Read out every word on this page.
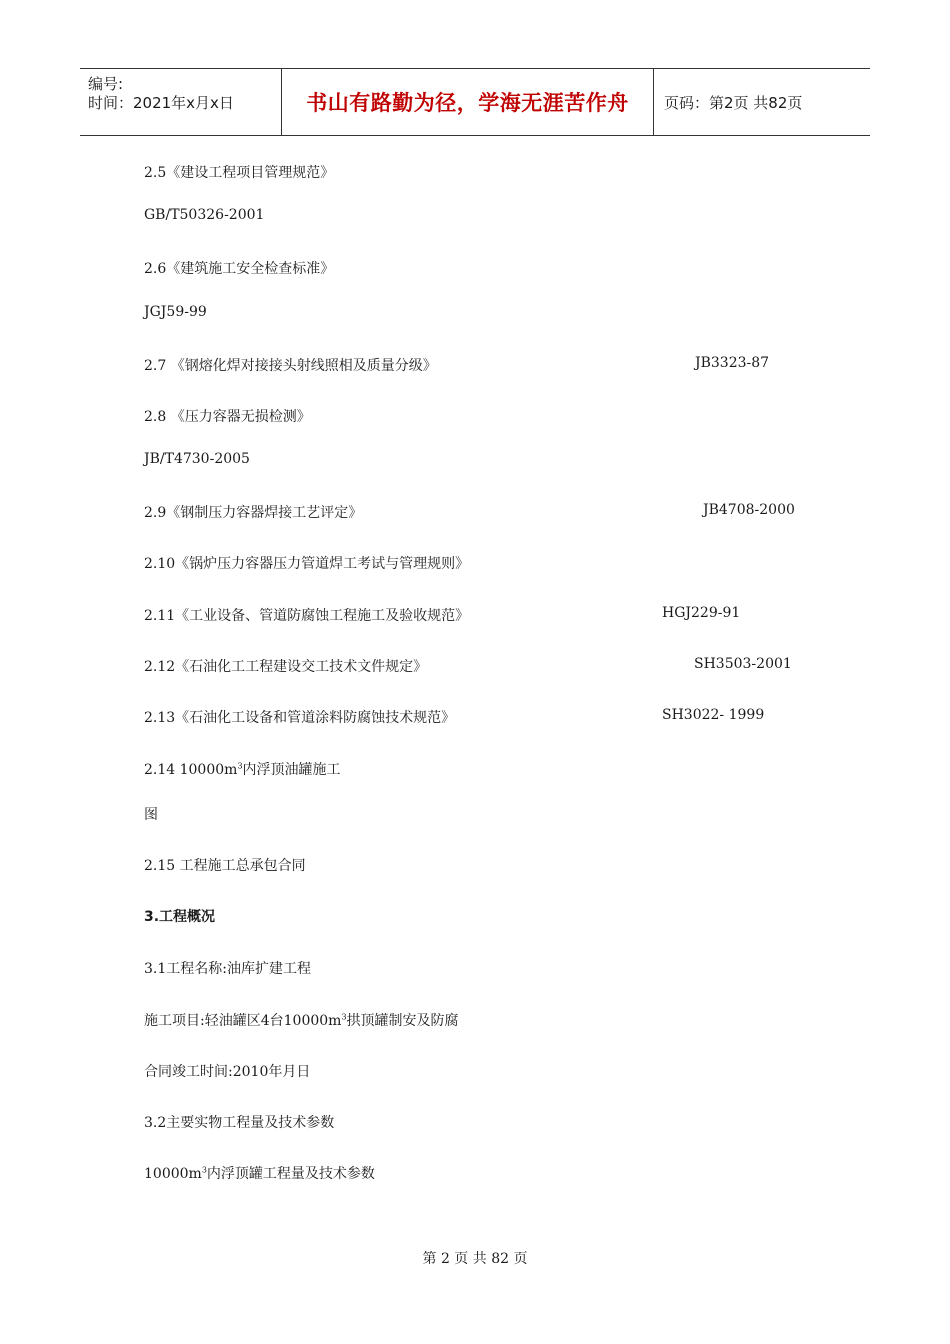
编号:
时间：2021年x月x日	书山有路勤为径，学海无涯苦作舟 页码：第2页 共82页
2.5《建设工程项目管理规范》
GB/T50326-2001
2.6《建筑施工安全检查标准》
JGJ59-99
2.7 《钢熔化焊对接接头射线照相及质量分级》	JB3323-87
2.8 《压力容器无损检测》
JB/T4730-2005
2.9《钢制压力容器焊接工艺评定》	JB4708-2000
2.10《锅炉压力容器压力管道焊工考试与管理规则》
2.11《工业设备、管道防腐蚀工程施工及验收规范》	HGJ229-91
2.12《石油化工工程建设交工技术文件规定》	SH3503-2001
2.13《石油化工设备和管道涂料防腐蚀技术规范》	SH3022- 1999
2.14 $10000m^3$内浮顶油罐施工
图
2.15 工程施工总承包合同
3.工程概况
3.1工程名称:油库扩建工程
施工项目:轻油罐区4台$10000m^3$拱顶罐制安及防腐
合同竣工时间:2010年月日
3.2主要实物工程量及技术参数
$10000m^3$内浮顶罐工程量及技术参数
第 2 页 共 82 页
